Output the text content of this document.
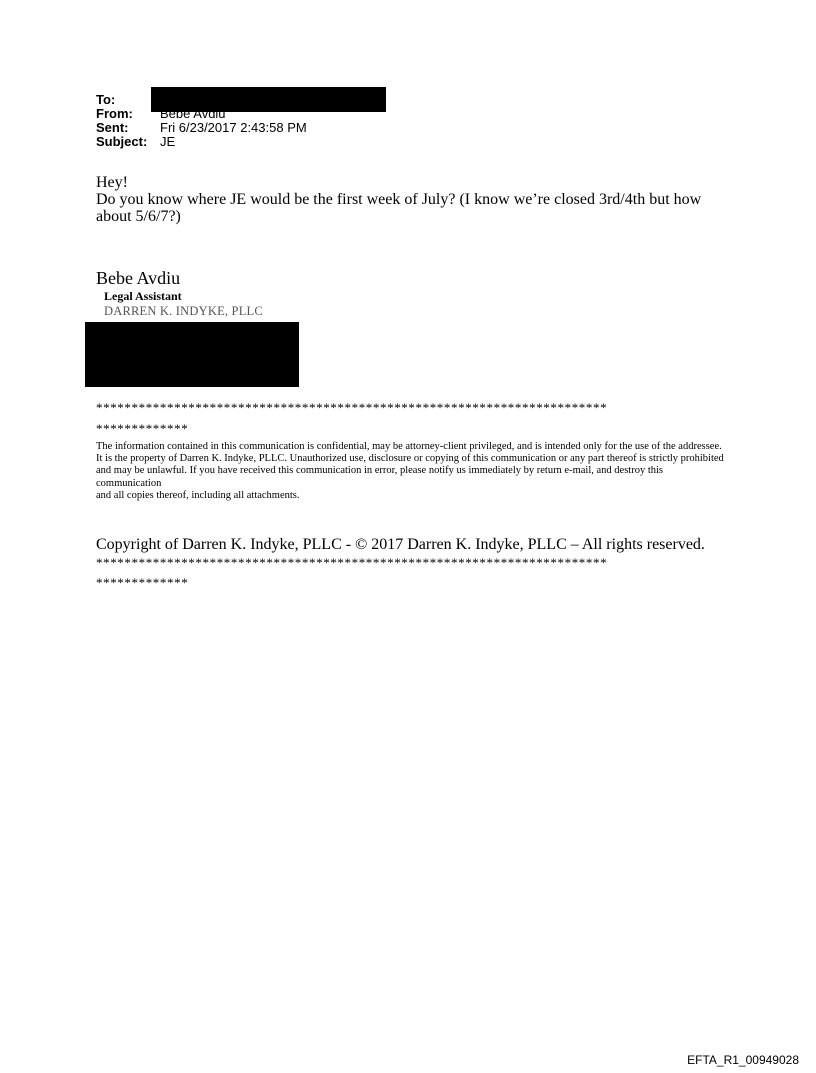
To:
From:	Bebe Avdiu
Sent:	Fri 6/23/2017 2:43:58 PM
Subject: JE
Hey!
Do you know where JE would be the first week of July? (I know we’re closed 3rd/4th but how about 5/6/7?)
Bebe Avdiu
Legal Assistant
DARREN K. INDYKE, PLLC
************************************************************************
*************
The information contained in this communication is confidential, may be attorney-client privileged, and is intended only for the use of the addressee.
It is the property of Darren K. Indyke, PLLC. Unauthorized use, disclosure or copying of this communication or any part thereof is strictly prohibited
and may be unlawful. If you have received this communication in error, please notify us immediately by return e-mail, and destroy this communication
and all copies thereof, including all attachments.
Copyright of Darren K. Indyke, PLLC - © 2017 Darren K. Indyke, PLLC – All rights reserved.
************************************************************************
*************
EFTA_R1_00949028
